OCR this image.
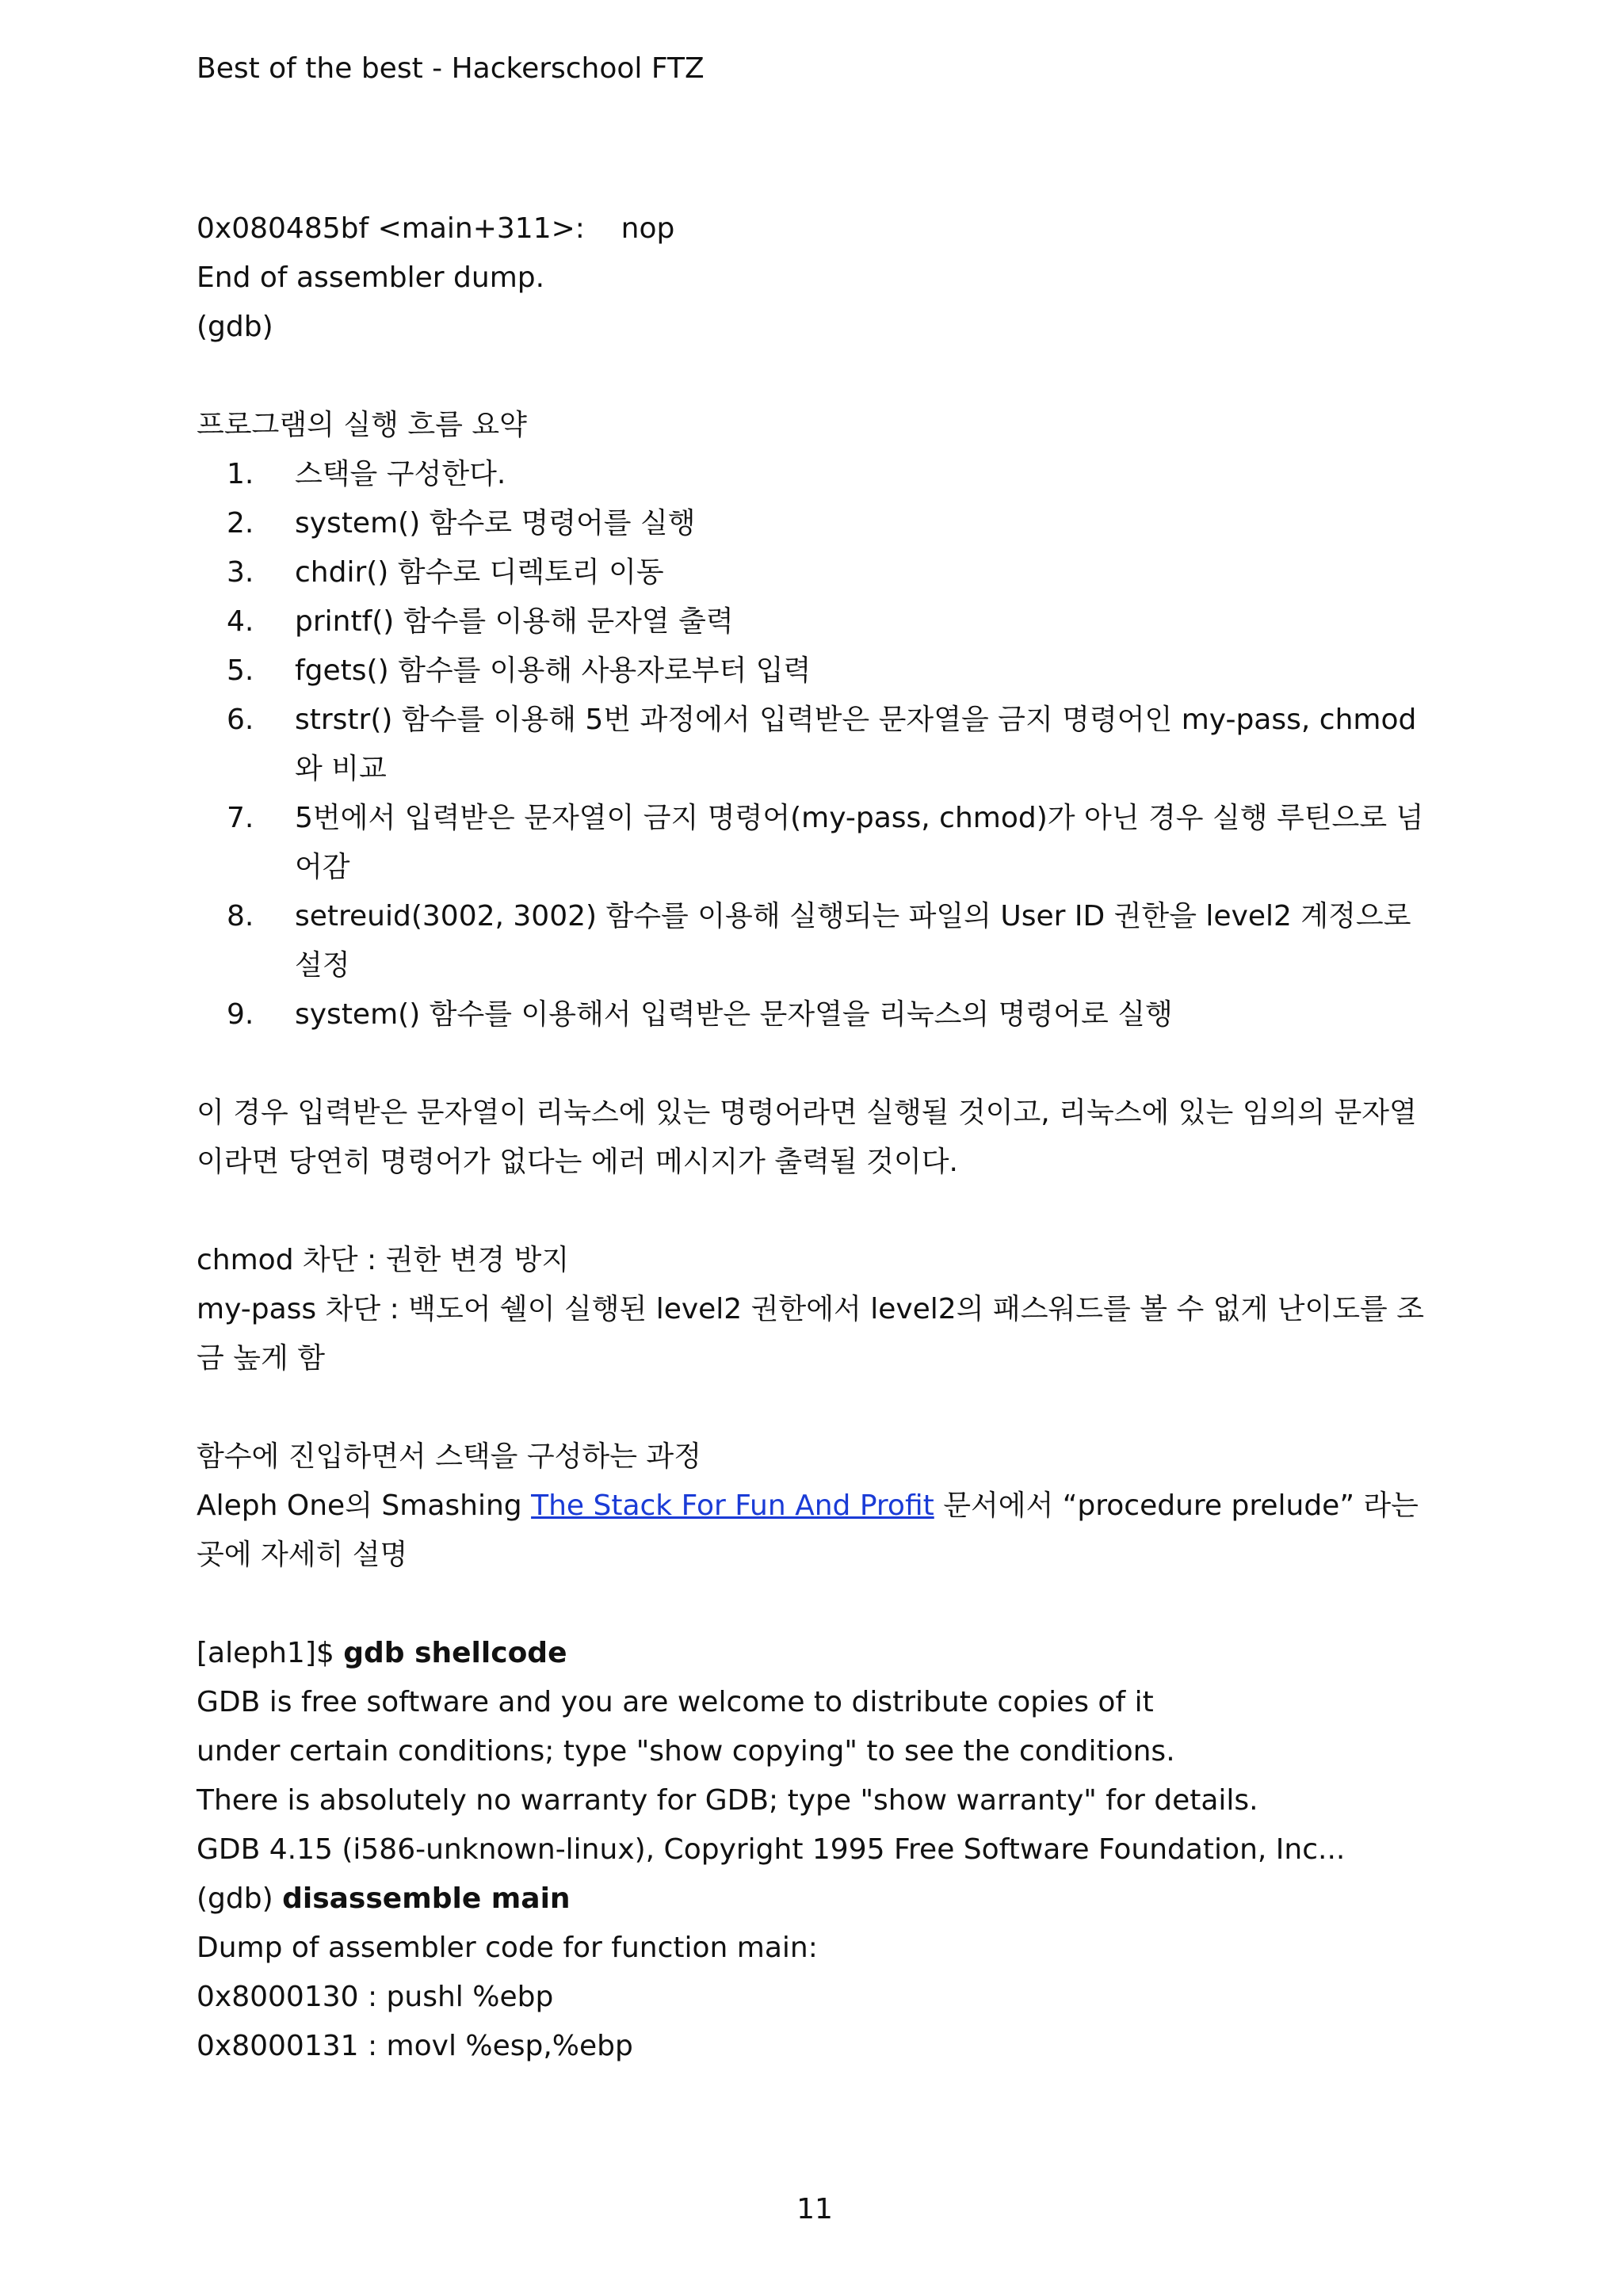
Best of the best - Hackerschool FTZ
0x080485bf <main+311>:    nop
End of assembler dump.
(gdb)
프로그램의 실행 흐름 요약
1. 스택을 구성한다.
2. system() 함수로 명령어를 실행
3. chdir() 함수로 디렉토리 이동
4. printf() 함수를 이용해 문자열 출력
5. fgets() 함수를 이용해 사용자로부터 입력
6. strstr() 함수를 이용해 5번 과정에서 입력받은 문자열을 금지 명령어인 my-pass, chmod와 비교
7. 5번에서 입력받은 문자열이 금지 명령어(my-pass, chmod)가 아닌 경우 실행 루틴으로 넘어감
8. setreuid(3002, 3002) 함수를 이용해 실행되는 파일의 User ID 권한을 level2 계정으로 설정
9. system() 함수를 이용해서 입력받은 문자열을 리눅스의 명령어로 실행
이 경우 입력받은 문자열이 리눅스에 있는 명령어라면 실행될 것이고, 리눅스에 있는 임의의 문자열이라면 당연히 명령어가 없다는 에러 메시지가 출력될 것이다.
chmod 차단 : 권한 변경 방지
my-pass 차단 : 백도어 쉘이 실행된 level2 권한에서 level2의 패스워드를 볼 수 없게 난이도를 조금 높게 함
함수에 진입하면서 스택을 구성하는 과정
Aleph One의 Smashing The Stack For Fun And Profit 문서에서 “procedure prelude” 라는 곳에 자세히 설명
[aleph1]$ gdb shellcode
GDB is free software and you are welcome to distribute copies of it
under certain conditions; type "show copying" to see the conditions.
There is absolutely no warranty for GDB; type "show warranty" for details.
GDB 4.15 (i586-unknown-linux), Copyright 1995 Free Software Foundation, Inc...
(gdb) disassemble main
Dump of assembler code for function main:
0x8000130 : pushl %ebp
0x8000131 : movl %esp,%ebp
11
